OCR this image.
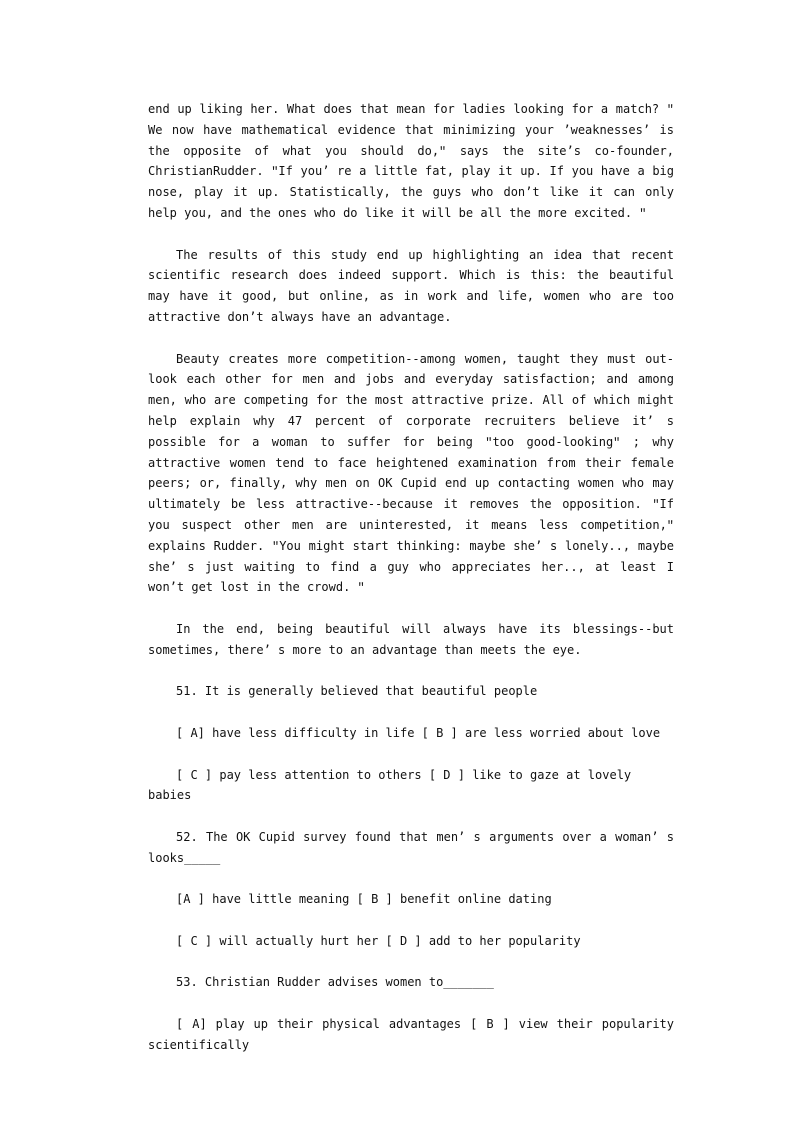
end up liking her. What does that mean for ladies looking for a match? ʺ We now have mathematical evidence that minimizing your ’weaknesses’ is the opposite of what you should do,ʺ says the site’s co-founder, ChristianRudder. ʺIf you’ re a little fat, play it up. If you have a big nose, play it up. Statistically, the guys who don’t like it can only help you, and the ones who do like it will be all the more excited. ʺ

The results of this study end up highlighting an idea that recent scientific research does indeed support. Which is this: the beautiful may have it good, but online, as in work and life, women who are too attractive don’t always have an advantage.

Beauty creates more competition--among women, taught they must out-look each other for men and jobs and everyday satisfaction; and among men, who are competing for the most attractive prize. All of which might help explain why 47 percent of corporate recruiters believe it’ s possible for a woman to suffer for being ʺtoo good-lookingʺ ; why attractive women tend to face heightened examination from their female peers; or, finally, why men on OK Cupid end up contacting women who may ultimately be less attractive--because it removes the opposition. ʺIf you suspect other men are uninterested, it means less competition,ʺ explains Rudder. ʺYou might start thinking: maybe she’ s lonely.., maybe she’ s just waiting to find a guy who appreciates her.., at least I won’t get lost in the crowd. ʺ

In the end, being beautiful will always have its blessings--but sometimes, there’ s more to an advantage than meets the eye.

51. It is generally believed that beautiful people

[ A] have less difficulty in life [ B ] are less worried about love

[ C ] pay less attention to others [ D ] like to gaze at lovely babies

52. The OK Cupid survey found that men’ s arguments over a woman’ s looks_____

[A ] have little meaning [ B ] benefit online dating

[ C ] will actually hurt her [ D ] add to her popularity

53. Christian Rudder advises women to_______

[ A] play up their physical advantages [ B ] view their popularity scientifically
